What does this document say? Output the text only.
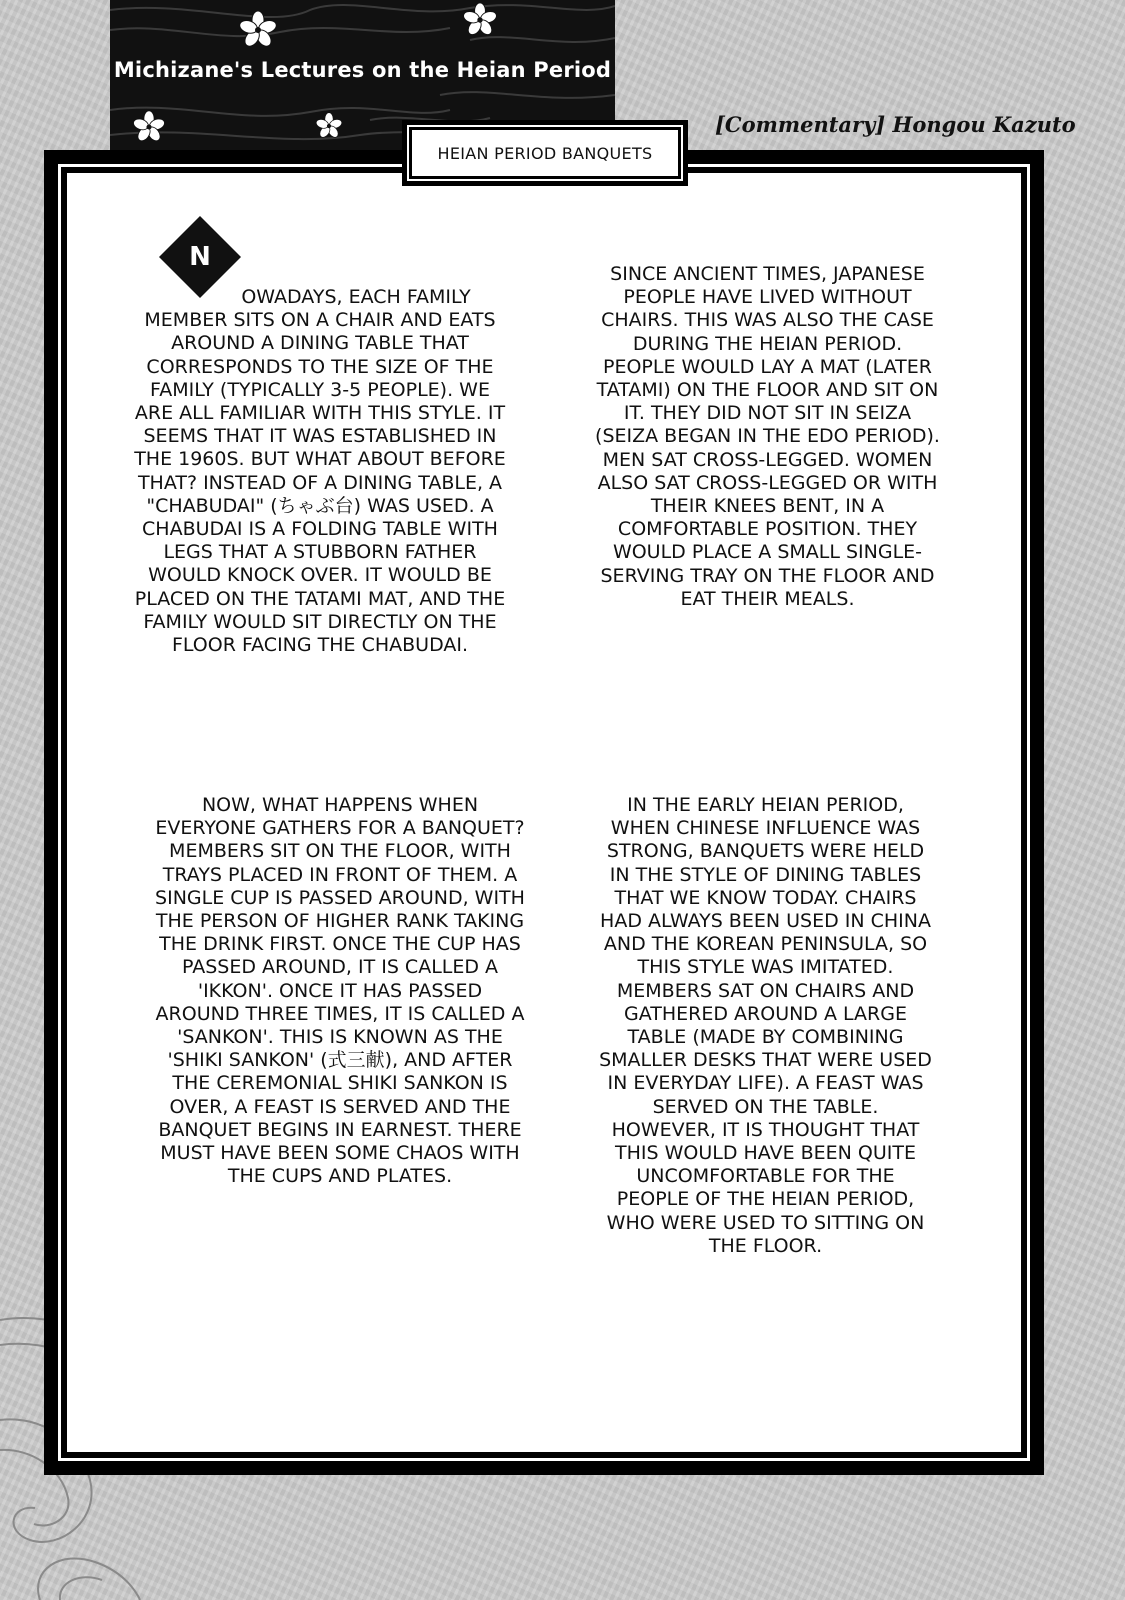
Michizane's Lectures on the Heian Period
[Commentary] Hongou Kazuto
HEIAN PERIOD BANQUETS
N

OWADAYS, EACH FAMILY MEMBER SITS ON A CHAIR AND EATS AROUND A DINING TABLE THAT CORRESPONDS TO THE SIZE OF THE FAMILY (TYPICALLY 3-5 PEOPLE). WE ARE ALL FAMILIAR WITH THIS STYLE. IT SEEMS THAT IT WAS ESTABLISHED IN THE 1960S. BUT WHAT ABOUT BEFORE THAT? INSTEAD OF A DINING TABLE, A "CHABUDAI" (ちゃぶ台) WAS USED. A CHABUDAI IS A FOLDING TABLE WITH LEGS THAT A STUBBORN FATHER WOULD KNOCK OVER. IT WOULD BE PLACED ON THE TATAMI MAT, AND THE FAMILY WOULD SIT DIRECTLY ON THE FLOOR FACING THE CHABUDAI.

SINCE ANCIENT TIMES, JAPANESE PEOPLE HAVE LIVED WITHOUT CHAIRS. THIS WAS ALSO THE CASE DURING THE HEIAN PERIOD. PEOPLE WOULD LAY A MAT (LATER TATAMI) ON THE FLOOR AND SIT ON IT. THEY DID NOT SIT IN SEIZA (SEIZA BEGAN IN THE EDO PERIOD). MEN SAT CROSS-LEGGED. WOMEN ALSO SAT CROSS-LEGGED OR WITH THEIR KNEES BENT, IN A COMFORTABLE POSITION. THEY WOULD PLACE A SMALL SINGLE-SERVING TRAY ON THE FLOOR AND EAT THEIR MEALS.

NOW, WHAT HAPPENS WHEN EVERYONE GATHERS FOR A BANQUET? MEMBERS SIT ON THE FLOOR, WITH TRAYS PLACED IN FRONT OF THEM. A SINGLE CUP IS PASSED AROUND, WITH THE PERSON OF HIGHER RANK TAKING THE DRINK FIRST. ONCE THE CUP HAS PASSED AROUND, IT IS CALLED A 'IKKON'. ONCE IT HAS PASSED AROUND THREE TIMES, IT IS CALLED A 'SANKON'. THIS IS KNOWN AS THE 'SHIKI SANKON' (式三献), AND AFTER THE CEREMONIAL SHIKI SANKON IS OVER, A FEAST IS SERVED AND THE BANQUET BEGINS IN EARNEST. THERE MUST HAVE BEEN SOME CHAOS WITH THE CUPS AND PLATES.

IN THE EARLY HEIAN PERIOD, WHEN CHINESE INFLUENCE WAS STRONG, BANQUETS WERE HELD IN THE STYLE OF DINING TABLES THAT WE KNOW TODAY. CHAIRS HAD ALWAYS BEEN USED IN CHINA AND THE KOREAN PENINSULA, SO THIS STYLE WAS IMITATED. MEMBERS SAT ON CHAIRS AND GATHERED AROUND A LARGE TABLE (MADE BY COMBINING SMALLER DESKS THAT WERE USED IN EVERYDAY LIFE). A FEAST WAS SERVED ON THE TABLE. HOWEVER, IT IS THOUGHT THAT THIS WOULD HAVE BEEN QUITE UNCOMFORTABLE FOR THE PEOPLE OF THE HEIAN PERIOD, WHO WERE USED TO SITTING ON THE FLOOR.
